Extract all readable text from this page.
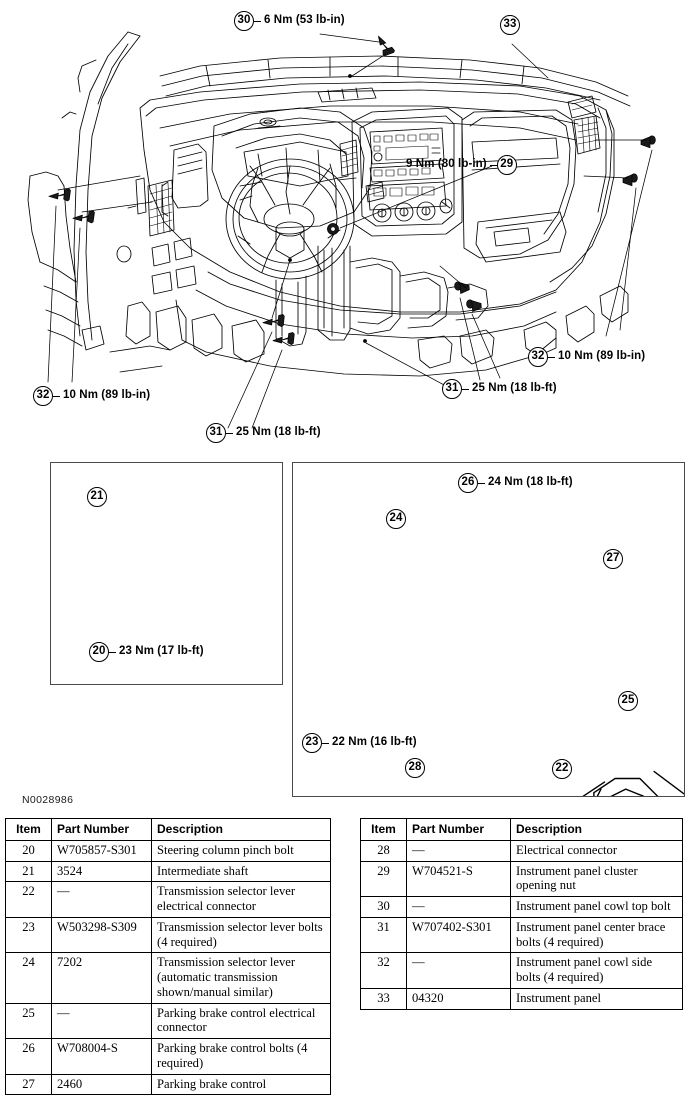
30	6 Nm (53 lb-in)	33
9 Nm (80 lb-in)	29
32	10 Nm (89 lb-in)
32	10 Nm (89 lb-in)
31	25 Nm (18 lb-ft)
31	25 Nm (18 lb-ft)
21
20	23 Nm (17 lb-ft)
26	24 Nm (18 lb-ft)
24
27
25
23	22 Nm (16 lb-ft)
28	22
N0028986
Item	Part Number	Description
20	W705857-S301	Steering column pinch bolt
21	3524	Intermediate shaft
22	—	Transmission selector lever electrical connector
23	W503298-S309	Transmission selector lever bolts (4 required)
24	7202	Transmission selector lever (automatic transmission shown/manual similar)
25	—	Parking brake control electrical connector
26	W708004-S	Parking brake control bolts (4 required)
27	2460	Parking brake control
Item	Part Number	Description
28	—	Electrical connector
29	W704521-S	Instrument panel cluster opening nut
30	—	Instrument panel cowl top bolt
31	W707402-S301	Instrument panel center brace bolts (4 required)
32	—	Instrument panel cowl side bolts (4 required)
33	04320	Instrument panel
